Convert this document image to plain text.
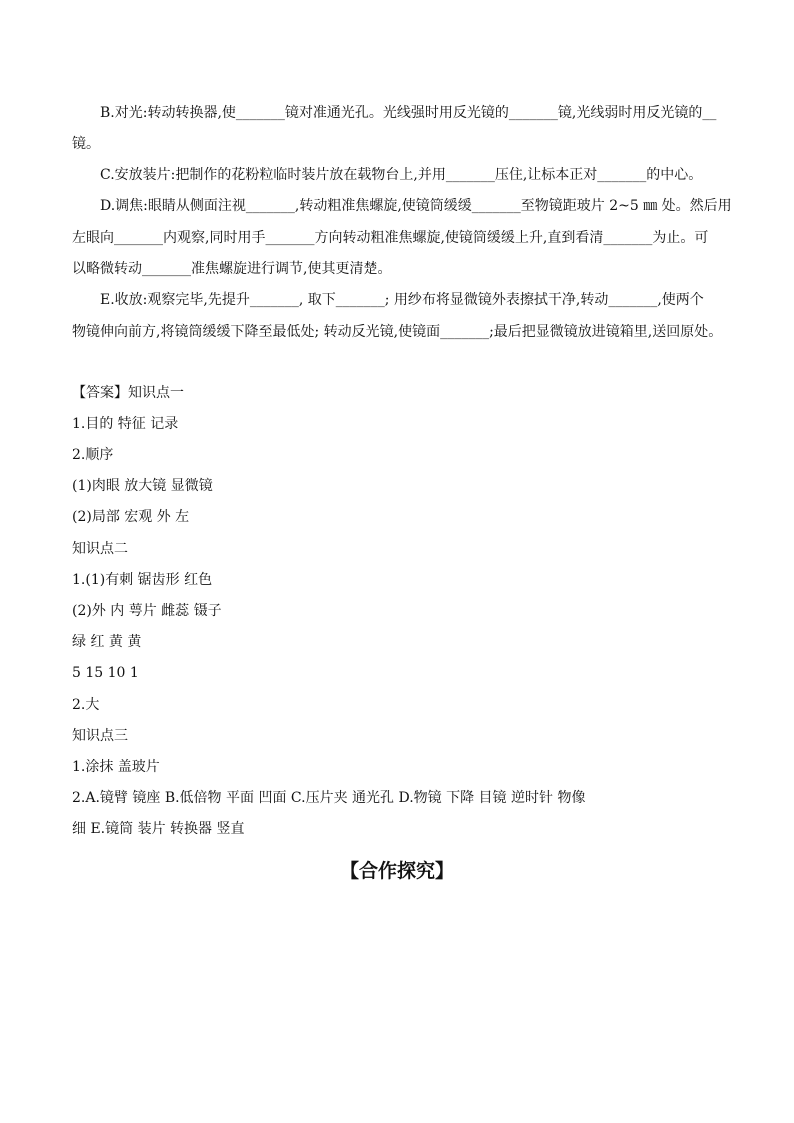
B.对光:转动转换器,使_______镜对准通光孔。光线强时用反光镜的_______镜,光线弱时用反光镜的__
镜。
C.安放装片:把制作的花粉粒临时装片放在载物台上,并用_______压住,让标本正对_______的中心。
D.调焦:眼睛从侧面注视_______,转动粗准焦螺旋,使镜筒缓缓_______至物镜距玻片 2~5 ㎜ 处。然后用
左眼向_______内观察,同时用手_______方向转动粗准焦螺旋,使镜筒缓缓上升,直到看清_______为止。可
以略微转动_______准焦螺旋进行调节,使其更清楚。
E.收放:观察完毕,先提升_______, 取下_______; 用纱布将显微镜外表擦拭干净,转动_______,使两个
物镜伸向前方,将镜筒缓缓下降至最低处; 转动反光镜,使镜面_______;最后把显微镜放进镜箱里,送回原处。
【答案】知识点一
1.目的 特征 记录
2.顺序
(1)肉眼 放大镜 显微镜
(2)局部 宏观 外 左
知识点二
1.(1)有刺 锯齿形 红色
(2)外 内 萼片 雌蕊 镊子
绿 红 黄 黄
5 15 10 1
2.大
知识点三
1.涂抹 盖玻片
2.A.镜臂 镜座 B.低倍物 平面 凹面 C.压片夹 通光孔 D.物镜 下降 目镜 逆时针 物像
细 E.镜筒 装片 转换器 竖直
【合作探究】
